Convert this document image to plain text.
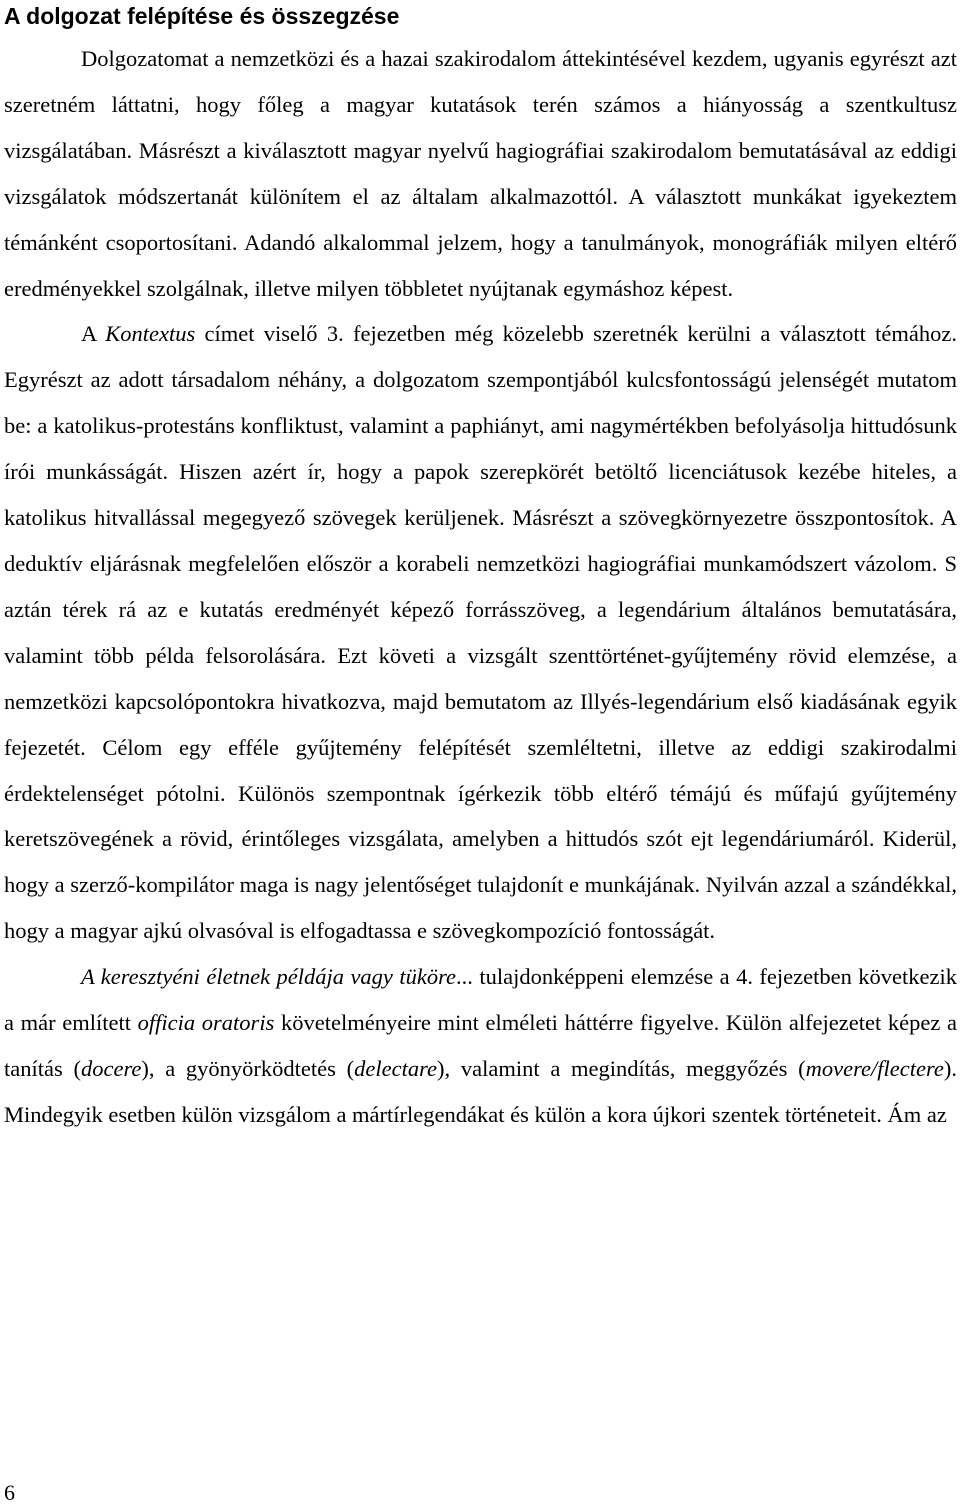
A dolgozat felépítése és összegzése

Dolgozatomat a nemzetközi és a hazai szakirodalom áttekintésével kezdem, ugyanis egyrészt azt szeretném láttatni, hogy főleg a magyar kutatások terén számos a hiányosság a szentkultusz vizsgálatában. Másrészt a kiválasztott magyar nyelvű hagiográfiai szakirodalom bemutatásával az eddigi vizsgálatok módszertanát különítem el az általam alkalmazottól. A választott munkákat igyekeztem témánként csoportosítani. Adandó alkalommal jelzem, hogy a tanulmányok, monográfiák milyen eltérő eredményekkel szolgálnak, illetve milyen többletet nyújtanak egymáshoz képest.

A Kontextus címet viselő 3. fejezetben még közelebb szeretnék kerülni a választott témához. Egyrészt az adott társadalom néhány, a dolgozatom szempontjából kulcsfontosságú jelenségét mutatom be: a katolikus-protestáns konfliktust, valamint a paphiányt, ami nagymértékben befolyásolja hittudósunk írói munkásságát. Hiszen azért ír, hogy a papok szerepkörét betöltő licenciátusok kezébe hiteles, a katolikus hitvallással megegyező szövegek kerüljenek. Másrészt a szövegkörnyezetre összpontosítok. A deduktív eljárásnak megfelelően először a korabeli nemzetközi hagiográfiai munkamódszert vázolom. S aztán térek rá az e kutatás eredményét képező forrásszöveg, a legendárium általános bemutatására, valamint több példa felsorolására. Ezt követi a vizsgált szenttörténet-gyűjtemény rövid elemzése, a nemzetközi kapcsolópontokra hivatkozva, majd bemutatom az Illyés-legendárium első kiadásának egyik fejezetét. Célom egy efféle gyűjtemény felépítését szemléltetni, illetve az eddigi szakirodalmi érdektelenséget pótolni. Különös szempontnak ígérkezik több eltérő témájú és műfajú gyűjtemény keretszövegének a rövid, érintőleges vizsgálata, amelyben a hittudós szót ejt legendáriumáról. Kiderül, hogy a szerző-kompilátor maga is nagy jelentőséget tulajdonít e munkájának. Nyilván azzal a szándékkal, hogy a magyar ajkú olvasóval is elfogadtassa e szövegkompozíció fontosságát.

A keresztyéni életnek példája vagy tüköre... tulajdonképpeni elemzése a 4. fejezetben következik a már említett officia oratoris követelményeire mint elméleti háttérre figyelve. Külön alfejezetet képez a tanítás (docere), a gyönyörködtetés (delectare), valamint a megindítás, meggyőzés (movere/flectere). Mindegyik esetben külön vizsgálom a mártírlegendákat és külön a kora újkori szentek történeteit. Ám az

6
